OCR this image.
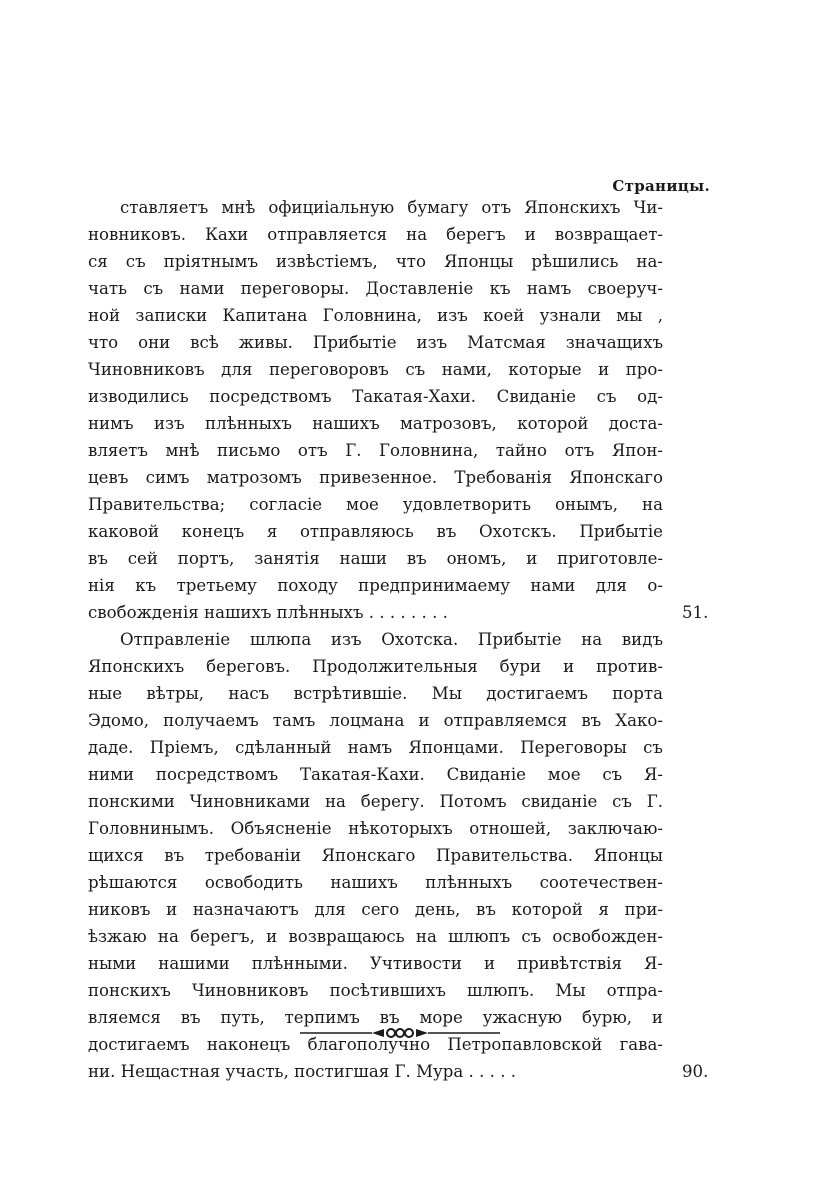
Страницы.
ставляетъ мнѣ официіальную бумагу отъ Японскихъ Чи-
новниковъ. Кахи отправляется на берегъ и возвращает-
ся съ пріятнымъ извѣстіемъ, что Японцы рѣшились на-
чать съ нами переговоры. Доставленіе къ намъ своеруч-
ной записки Капитана Головнина, изъ коей узнали мы ,
что они всѣ живы. Прибытіе изъ Матсмая значащихъ
Чиновниковъ для переговоровъ съ нами, которые и про-
изводились посредствомъ Такатая-Хахи. Свиданіе съ од-
нимъ изъ плѣнныхъ нашихъ матрозовъ, которой доста-
вляетъ мнѣ письмо отъ Г. Головнина, тайно отъ Япон-
цевъ симъ матрозомъ привезенное. Требованія Японскаго
Правительства; согласіе мое удовлетворить онымъ, на
каковой конецъ я отправляюсь въ Охотскъ. Прибытіе
въ сей портъ, занятія наши въ ономъ, и приготовле-
нія къ третьему походу предпринимаему нами для о-
свобожденія нашихъ плѣнныхъ . . . . . . . .	51.
Отправленіе шлюпа изъ Охотска. Прибытіе на видъ
Японскихъ береговъ. Продолжительныя бури и против-
ные вѣтры, насъ встрѣтившіе. Мы достигаемъ порта
Эдомо, получаемъ тамъ лоцмана и отправляемся въ Хако-
даде. Пріемъ, сдѣланный намъ Японцами. Переговоры съ
ними посредствомъ Такатая-Кахи. Свиданіе мое съ Я-
понскими Чиновниками на берегу. Потомъ свиданіе съ Г.
Головнинымъ. Объясненіе нѣкоторыхъ отношей, заключаю-
щихся въ требованіи Японскаго Правительства. Японцы
рѣшаются освободить нашихъ плѣнныхъ соотечествен-
никовъ и назначаютъ для сего день, въ которой я при-
ѣзжаю на берегъ, и возвращаюсь на шлюпъ съ освобожден-
ными нашими плѣнными. Учтивости и привѣтствія Я-
понскихъ Чиновниковъ посѣтившихъ шлюпъ. Мы отпра-
вляемся въ путь, терпимъ въ море ужасную бурю, и
достигаемъ наконецъ благополучно Петропавловской гава-
ни. Нещастная участь, постигшая Г. Мура . . . . .	90.
